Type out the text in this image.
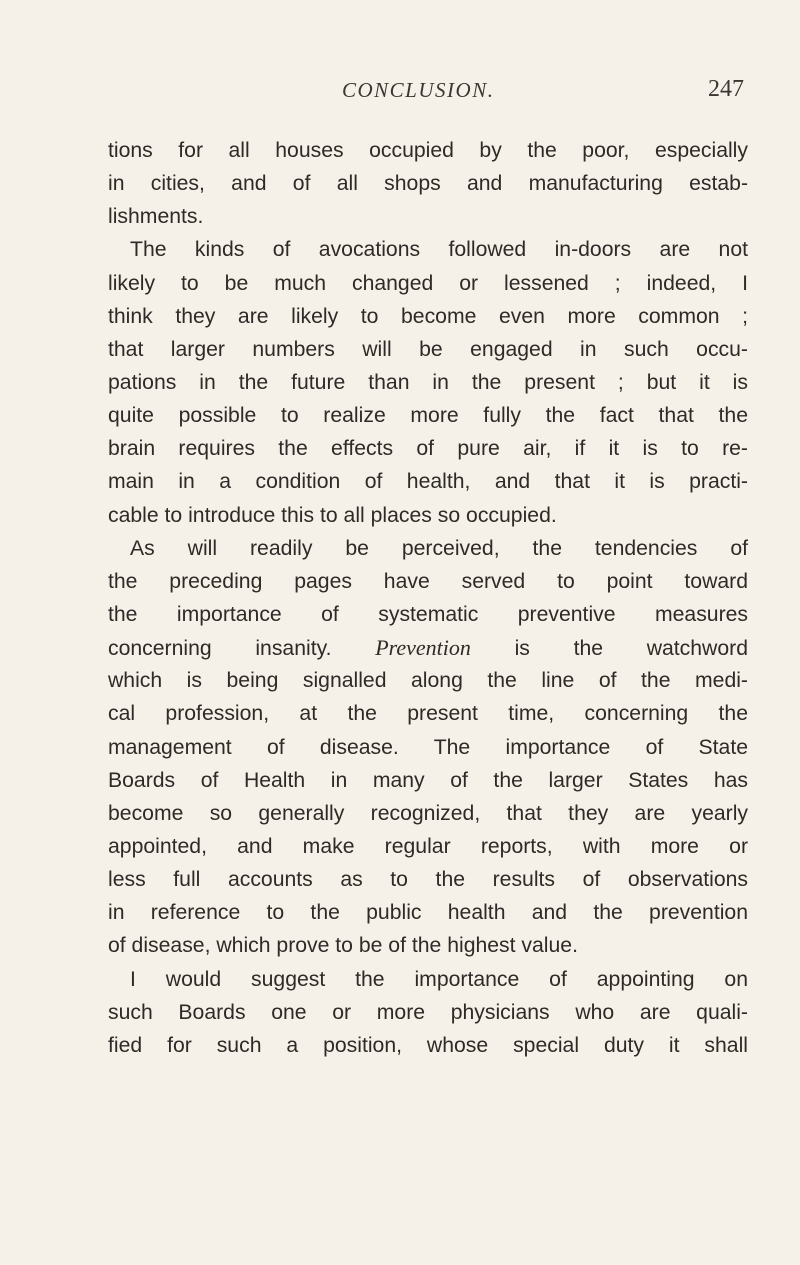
CONCLUSION.	247
tions for all houses occupied by the poor, especially
in cities, and of all shops and manufacturing estab-
lishments.
The kinds of avocations followed in-doors are not
likely to be much changed or lessened ; indeed, I
think they are likely to become even more common ;
that larger numbers will be engaged in such occu-
pations in the future than in the present ; but it is
quite possible to realize more fully the fact that the
brain requires the effects of pure air, if it is to re-
main in a condition of health, and that it is practi-
cable to introduce this to all places so occupied.
As will readily be perceived, the tendencies of
the preceding pages have served to point toward
the importance of systematic preventive measures
concerning insanity. Prevention is the watchword
which is being signalled along the line of the medi-
cal profession, at the present time, concerning the
management of disease. The importance of State
Boards of Health in many of the larger States has
become so generally recognized, that they are yearly
appointed, and make regular reports, with more or
less full accounts as to the results of observations
in reference to the public health and the prevention
of disease, which prove to be of the highest value.
I would suggest the importance of appointing on
such Boards one or more physicians who are quali-
fied for such a position, whose special duty it shall
